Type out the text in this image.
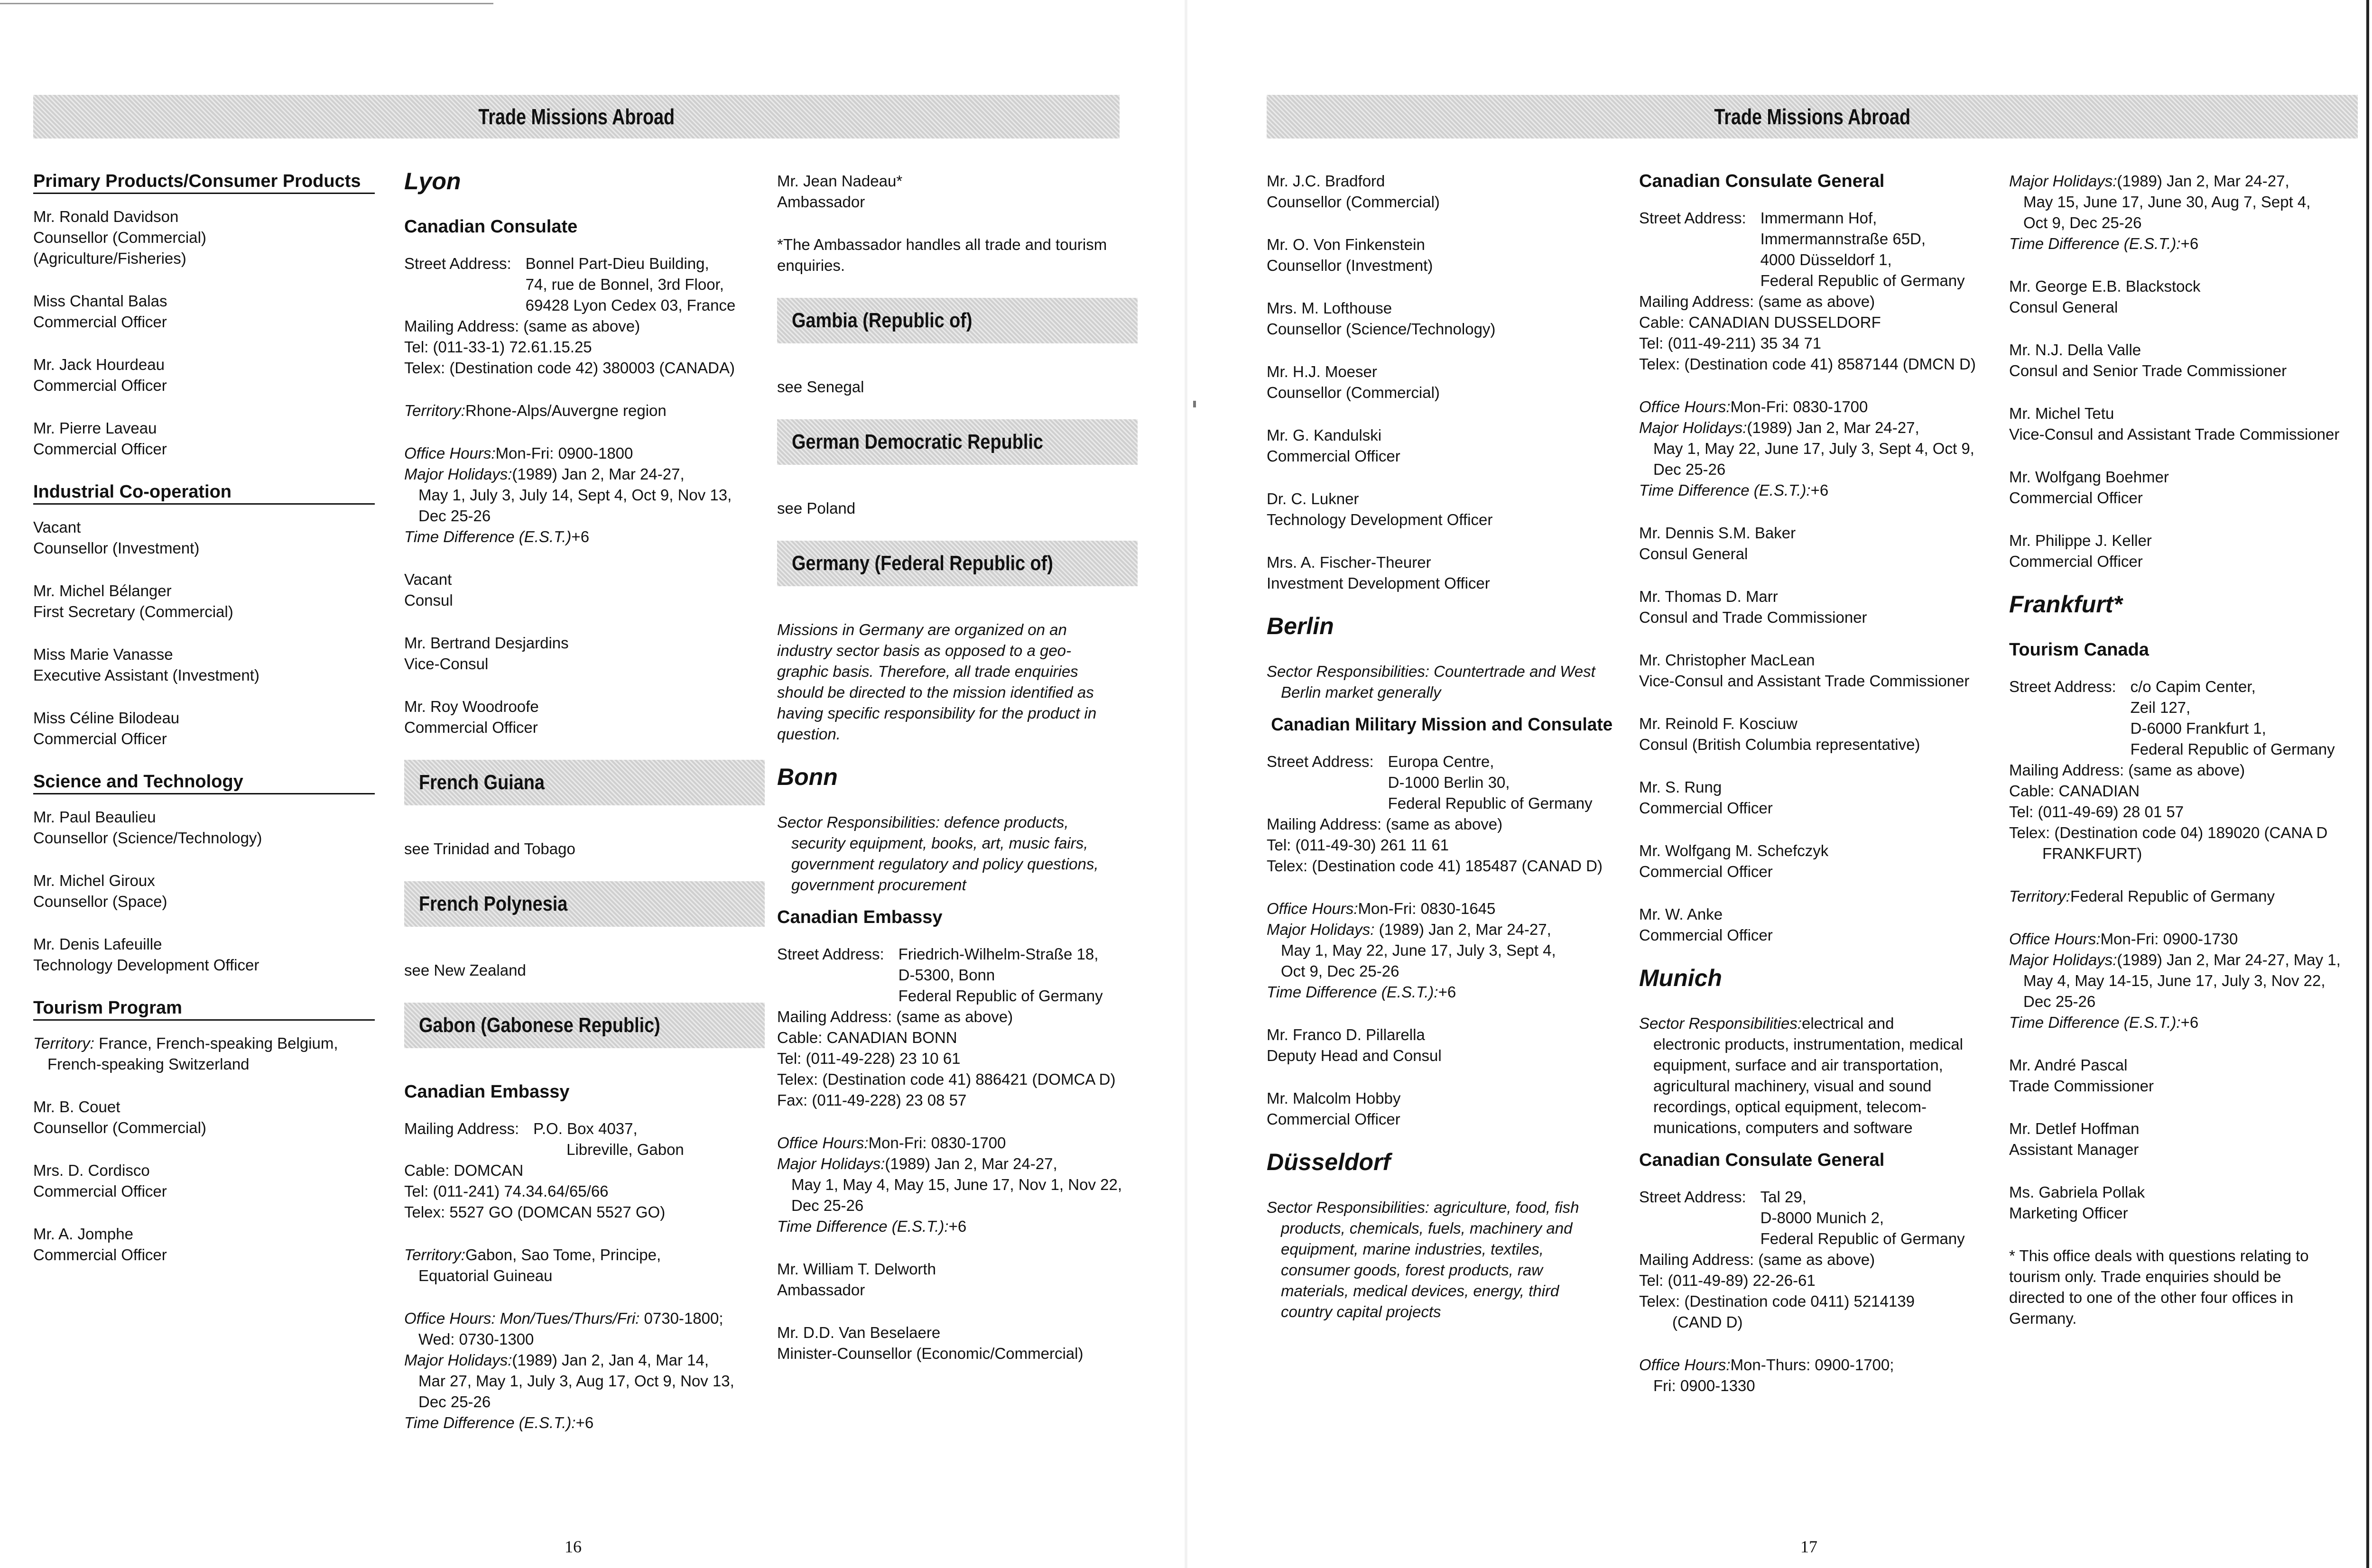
Trade Missions Abroad
Primary Products/Consumer Products
Mr. Ronald Davidson
Counsellor (Commercial)
(Agriculture/Fisheries)
Miss Chantal Balas
Commercial Officer
Mr. Jack Hourdeau
Commercial Officer
Mr. Pierre Laveau
Commercial Officer
Industrial Co-operation
Vacant
Counsellor (Investment)
Mr. Michel Bélanger
First Secretary (Commercial)
Miss Marie Vanasse
Executive Assistant (Investment)
Miss Céline Bilodeau
Commercial Officer
Science and Technology
Mr. Paul Beaulieu
Counsellor (Science/Technology)
Mr. Michel Giroux
Counsellor (Space)
Mr. Denis Lafeuille
Technology Development Officer
Tourism Program
Territory: France, French-speaking Belgium,
French-speaking Switzerland
Mr. B. Couet
Counsellor (Commercial)
Mrs. D. Cordisco
Commercial Officer
Mr. A. Jomphe
Commercial Officer
Lyon
Canadian Consulate
Street Address: Bonnel Part-Dieu Building,
74, rue de Bonnel, 3rd Floor,
69428 Lyon Cedex 03, France
Mailing Address: (same as above)
Tel: (011-33-1) 72.61.15.25
Telex: (Destination code 42) 380003 (CANADA)
Territory:Rhone-Alps/Auvergne region
Office Hours:Mon-Fri: 0900-1800
Major Holidays:(1989) Jan 2, Mar 24-27,
May 1, July 3, July 14, Sept 4, Oct 9, Nov 13,
Dec 25-26
Time Difference (E.S.T.)+6
Vacant
Consul
Mr. Bertrand Desjardins
Vice-Consul
Mr. Roy Woodroofe
Commercial Officer
French Guiana
see Trinidad and Tobago
French Polynesia
see New Zealand
Gabon (Gabonese Republic)
Canadian Embassy
Mailing Address: P.O. Box 4037,
Libreville, Gabon
Cable: DOMCAN
Tel: (011-241) 74.34.64/65/66
Telex: 5527 GO (DOMCAN 5527 GO)
Territory:Gabon, Sao Tome, Principe,
Equatorial Guineau
Office Hours: Mon/Tues/Thurs/Fri: 0730-1800;
Wed: 0730-1300
Major Holidays:(1989) Jan 2, Jan 4, Mar 14,
Mar 27, May 1, July 3, Aug 17, Oct 9, Nov 13,
Dec 25-26
Time Difference (E.S.T.):+6
Mr. Jean Nadeau*
Ambassador
*The Ambassador handles all trade and tourism
enquiries.
Gambia (Republic of)
see Senegal
German Democratic Republic
see Poland
Germany (Federal Republic of)
Missions in Germany are organized on an
industry sector basis as opposed to a geo-
graphic basis. Therefore, all trade enquiries
should be directed to the mission identified as
having specific responsibility for the product in
question.
Bonn
Sector Responsibilities: defence products,
security equipment, books, art, music fairs,
government regulatory and policy questions,
government procurement
Canadian Embassy
Street Address: Friedrich-Wilhelm-Straße 18,
D-5300, Bonn
Federal Republic of Germany
Mailing Address: (same as above)
Cable: CANADIAN BONN
Tel: (011-49-228) 23 10 61
Telex: (Destination code 41) 886421 (DOMCA D)
Fax: (011-49-228) 23 08 57
Office Hours:Mon-Fri: 0830-1700
Major Holidays:(1989) Jan 2, Mar 24-27,
May 1, May 4, May 15, June 17, Nov 1, Nov 22,
Dec 25-26
Time Difference (E.S.T.):+6
Mr. William T. Delworth
Ambassador
Mr. D.D. Van Beselaere
Minister-Counsellor (Economic/Commercial)
16
Trade Missions Abroad
Mr. J.C. Bradford
Counsellor (Commercial)
Mr. O. Von Finkenstein
Counsellor (Investment)
Mrs. M. Lofthouse
Counsellor (Science/Technology)
Mr. H.J. Moeser
Counsellor (Commercial)
Mr. G. Kandulski
Commercial Officer
Dr. C. Lukner
Technology Development Officer
Mrs. A. Fischer-Theurer
Investment Development Officer
Berlin
Sector Responsibilities: Countertrade and West
Berlin market generally
Canadian Military Mission and Consulate
Street Address: Europa Centre,
D-1000 Berlin 30,
Federal Republic of Germany
Mailing Address: (same as above)
Tel: (011-49-30) 261 11 61
Telex: (Destination code 41) 185487 (CANAD D)
Office Hours:Mon-Fri: 0830-1645
Major Holidays: (1989) Jan 2, Mar 24-27,
May 1, May 22, June 17, July 3, Sept 4,
Oct 9, Dec 25-26
Time Difference (E.S.T.):+6
Mr. Franco D. Pillarella
Deputy Head and Consul
Mr. Malcolm Hobby
Commercial Officer
Düsseldorf
Sector Responsibilities: agriculture, food, fish
products, chemicals, fuels, machinery and
equipment, marine industries, textiles,
consumer goods, forest products, raw
materials, medical devices, energy, third
country capital projects
Canadian Consulate General
Street Address: Immermann Hof,
Immermannstraße 65D,
4000 Düsseldorf 1,
Federal Republic of Germany
Mailing Address: (same as above)
Cable: CANADIAN DUSSELDORF
Tel: (011-49-211) 35 34 71
Telex: (Destination code 41) 8587144 (DMCN D)
Office Hours:Mon-Fri: 0830-1700
Major Holidays:(1989) Jan 2, Mar 24-27,
May 1, May 22, June 17, July 3, Sept 4, Oct 9,
Dec 25-26
Time Difference (E.S.T.):+6
Mr. Dennis S.M. Baker
Consul General
Mr. Thomas D. Marr
Consul and Trade Commissioner
Mr. Christopher MacLean
Vice-Consul and Assistant Trade Commissioner
Mr. Reinold F. Kosciuw
Consul (British Columbia representative)
Mr. S. Rung
Commercial Officer
Mr. Wolfgang M. Schefczyk
Commercial Officer
Mr. W. Anke
Commercial Officer
Munich
Sector Responsibilities:electrical and
electronic products, instrumentation, medical
equipment, surface and air transportation,
agricultural machinery, visual and sound
recordings, optical equipment, telecom-
munications, computers and software
Canadian Consulate General
Street Address: Tal 29,
D-8000 Munich 2,
Federal Republic of Germany
Mailing Address: (same as above)
Tel: (011-49-89) 22-26-61
Telex: (Destination code 0411) 5214139
(CAND D)
Office Hours:Mon-Thurs: 0900-1700;
Fri: 0900-1330
Major Holidays:(1989) Jan 2, Mar 24-27,
May 15, June 17, June 30, Aug 7, Sept 4,
Oct 9, Dec 25-26
Time Difference (E.S.T.):+6
Mr. George E.B. Blackstock
Consul General
Mr. N.J. Della Valle
Consul and Senior Trade Commissioner
Mr. Michel Tetu
Vice-Consul and Assistant Trade Commissioner
Mr. Wolfgang Boehmer
Commercial Officer
Mr. Philippe J. Keller
Commercial Officer
Frankfurt*
Tourism Canada
Street Address: c/o Capim Center,
Zeil 127,
D-6000 Frankfurt 1,
Federal Republic of Germany
Mailing Address: (same as above)
Cable: CANADIAN
Tel: (011-49-69) 28 01 57
Telex: (Destination code 04) 189020 (CANA D
FRANKFURT)
Territory:Federal Republic of Germany
Office Hours:Mon-Fri: 0900-1730
Major Holidays:(1989) Jan 2, Mar 24-27, May 1,
May 4, May 14-15, June 17, July 3, Nov 22,
Dec 25-26
Time Difference (E.S.T.):+6
Mr. André Pascal
Trade Commissioner
Mr. Detlef Hoffman
Assistant Manager
Ms. Gabriela Pollak
Marketing Officer
* This office deals with questions relating to
tourism only. Trade enquiries should be
directed to one of the other four offices in
Germany.
17
